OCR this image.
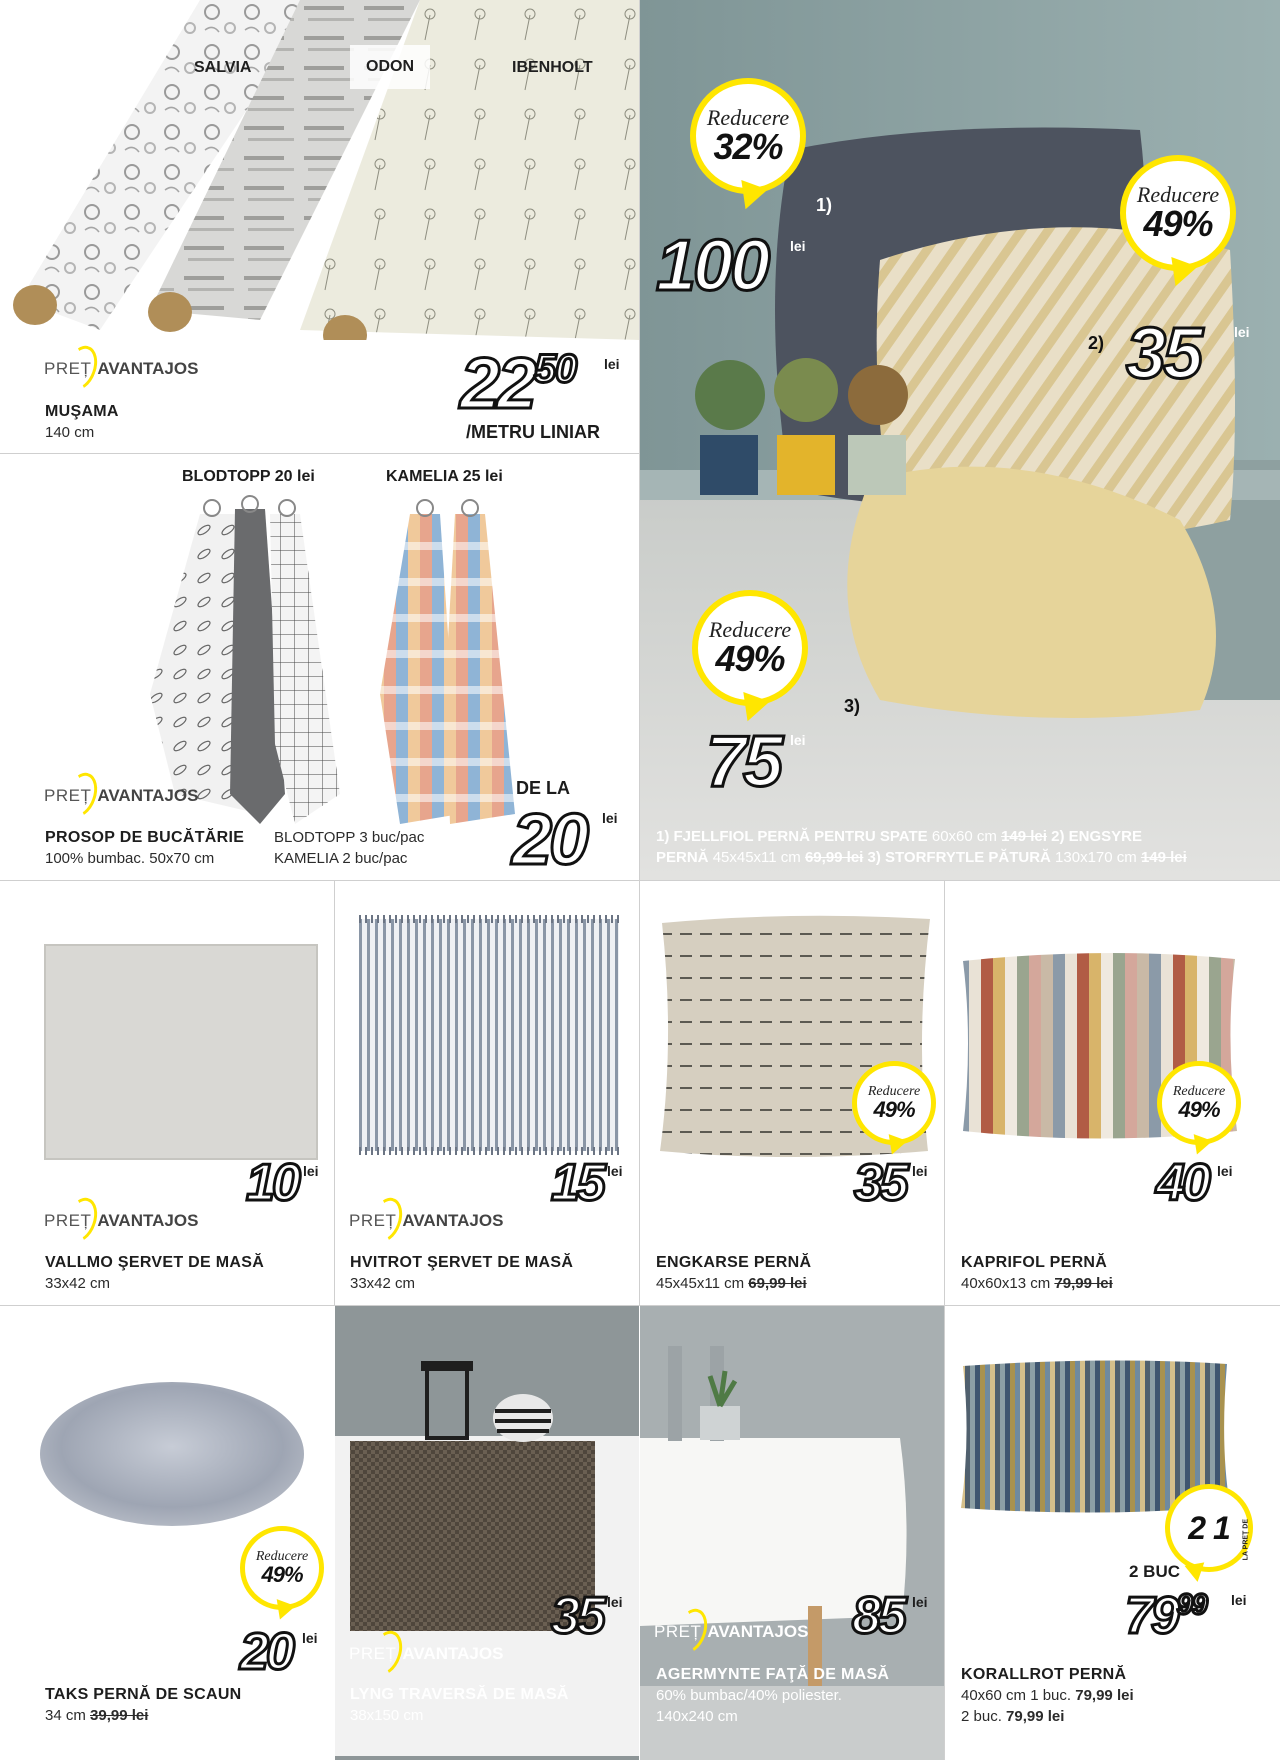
SALVIA	ODON	IBENHOLT
PREȚ AVANTAJOS
MUŞAMA
140 cm
$22^{50}$ lei
/METRU LINIAR
BLODTOPP 20 lei	KAMELIA 25 lei
PREȚ AVANTAJOS
PROSOP DE BUCĂTĂRIE
100% bumbac. 50x70 cm
BLODTOPP 3 buc/pac
KAMELIA 2 buc/pac
DE LA
20 lei
Reducere
32%
Reducere
49%
Reducere
49%
1)
2)
3)
100 lei
35 lei
75 lei
1) FJELLFIOL PERNĂ PENTRU SPATE 60x60 cm 149 lei 2) ENGSYRE
PERNĂ 45x45x11 cm 69,99 lei 3) STORFRYTLE PĂTURĂ 130x170 cm 149 lei
10 lei
PREȚ AVANTAJOS
VALLMO ŞERVET DE MASĂ
33x42 cm
15 lei
PREȚ AVANTAJOS
HVITROT ŞERVET DE MASĂ
33x42 cm
Reducere
49%
35 lei
ENGKARSE PERNĂ
45x45x11 cm 69,99 lei
Reducere
49%
40 lei
KAPRIFOL PERNĂ
40x60x13 cm 79,99 lei
Reducere
49%
20 lei
TAKS PERNĂ DE SCAUN
34 cm 39,99 lei
35 lei
PREȚ AVANTAJOS
LYNG TRAVERSĂ DE MASĂ
38x150 cm
85 lei
PREȚ AVANTAJOS
AGERMYNTE FAŢĂ DE MASĂ
60% bumbac/40% poliester.
140x240 cm
2 1 LA PREȚ DE
2 BUC
$79^{99}$ lei
KORALLROT PERNĂ
40x60 cm 1 buc. 79,99 lei
2 buc. 79,99 lei
